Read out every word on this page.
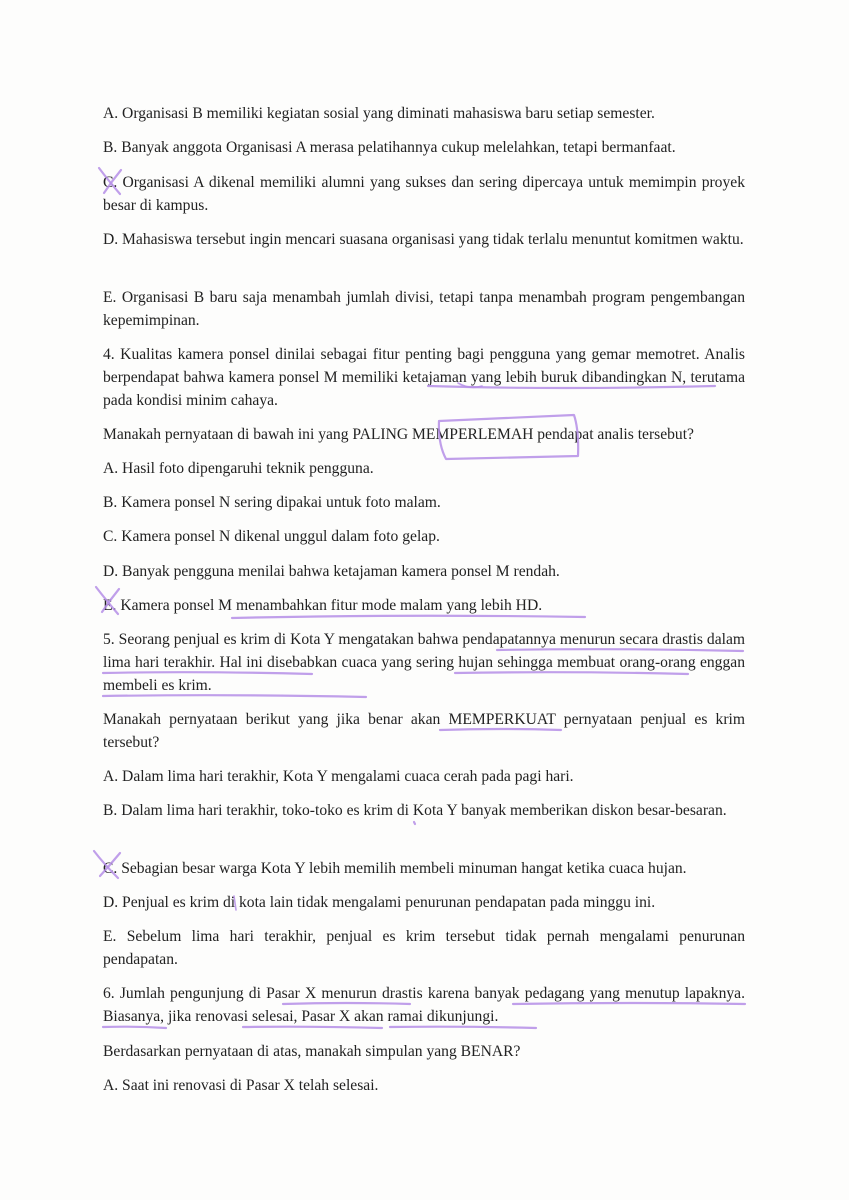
A. Organisasi B memiliki kegiatan sosial yang diminati mahasiswa baru setiap semester.

B. Banyak anggota Organisasi A merasa pelatihannya cukup melelahkan, tetapi bermanfaat.

C. Organisasi A dikenal memiliki alumni yang sukses dan sering dipercaya untuk memimpin proyek besar di kampus.

D. Mahasiswa tersebut ingin mencari suasana organisasi yang tidak terlalu menuntut komitmen waktu.

E. Organisasi B baru saja menambah jumlah divisi, tetapi tanpa menambah program pengembangan kepemimpinan.

4. Kualitas kamera ponsel dinilai sebagai fitur penting bagi pengguna yang gemar memotret. Analis berpendapat bahwa kamera ponsel M memiliki ketajaman yang lebih buruk dibandingkan N, terutama pada kondisi minim cahaya.

Manakah pernyataan di bawah ini yang PALING MEMPERLEMAH pendapat analis tersebut?

A. Hasil foto dipengaruhi teknik pengguna.

B. Kamera ponsel N sering dipakai untuk foto malam.

C. Kamera ponsel N dikenal unggul dalam foto gelap.

D. Banyak pengguna menilai bahwa ketajaman kamera ponsel M rendah.

E. Kamera ponsel M menambahkan fitur mode malam yang lebih HD.

5. Seorang penjual es krim di Kota Y mengatakan bahwa pendapatannya menurun secara drastis dalam lima hari terakhir. Hal ini disebabkan cuaca yang sering hujan sehingga membuat orang-orang enggan membeli es krim.

Manakah pernyataan berikut yang jika benar akan MEMPERKUAT pernyataan penjual es krim tersebut?

A. Dalam lima hari terakhir, Kota Y mengalami cuaca cerah pada pagi hari.

B. Dalam lima hari terakhir, toko-toko es krim di Kota Y banyak memberikan diskon besar-besaran.

C. Sebagian besar warga Kota Y lebih memilih membeli minuman hangat ketika cuaca hujan.

D. Penjual es krim di kota lain tidak mengalami penurunan pendapatan pada minggu ini.

E. Sebelum lima hari terakhir, penjual es krim tersebut tidak pernah mengalami penurunan pendapatan.

6. Jumlah pengunjung di Pasar X menurun drastis karena banyak pedagang yang menutup lapaknya. Biasanya, jika renovasi selesai, Pasar X akan ramai dikunjungi.

Berdasarkan pernyataan di atas, manakah simpulan yang BENAR?

A. Saat ini renovasi di Pasar X telah selesai.
